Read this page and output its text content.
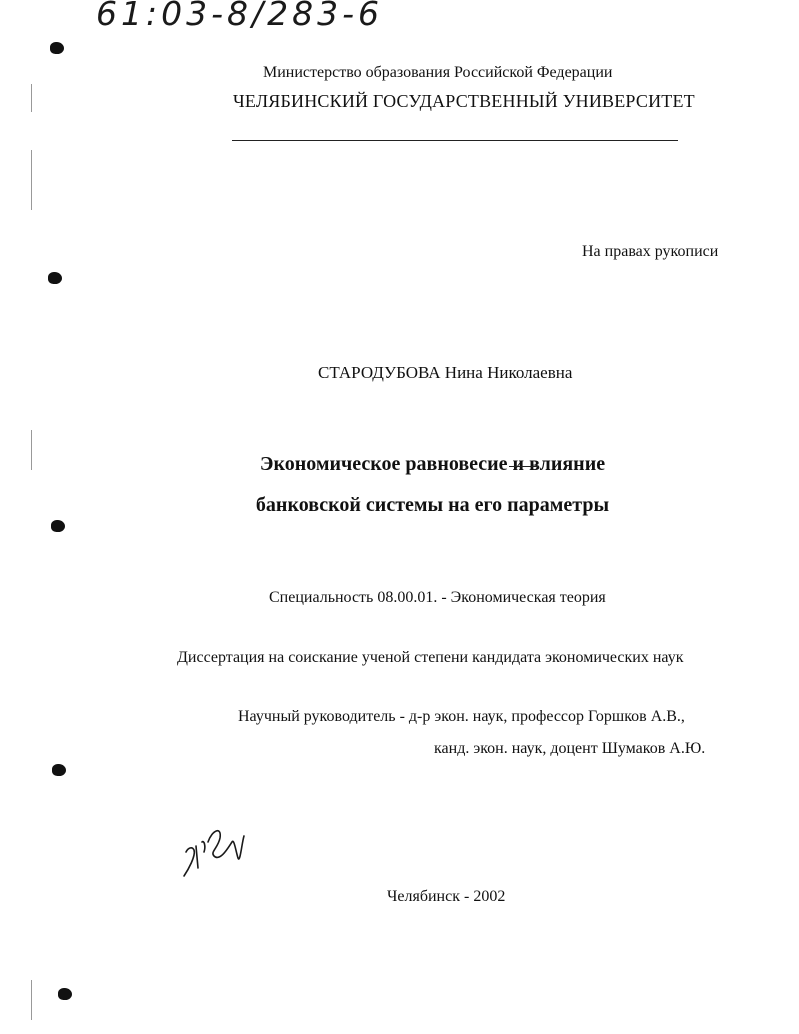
61:03-8/283-6
Министерство образования Российской Федерации
ЧЕЛЯБИНСКИЙ ГОСУДАРСТВЕННЫЙ УНИВЕРСИТЕТ
На правах рукописи
СТАРОДУБОВА Нина Николаевна
Экономическое равновесие и влияние
банковской системы на его параметры
Специальность 08.00.01. - Экономическая теория
Диссертация на соискание ученой степени кандидата экономических наук
Научный руководитель - д-р экон. наук, профессор Горшков А.В.,
канд. экон. наук, доцент Шумаков А.Ю.
Челябинск - 2002
